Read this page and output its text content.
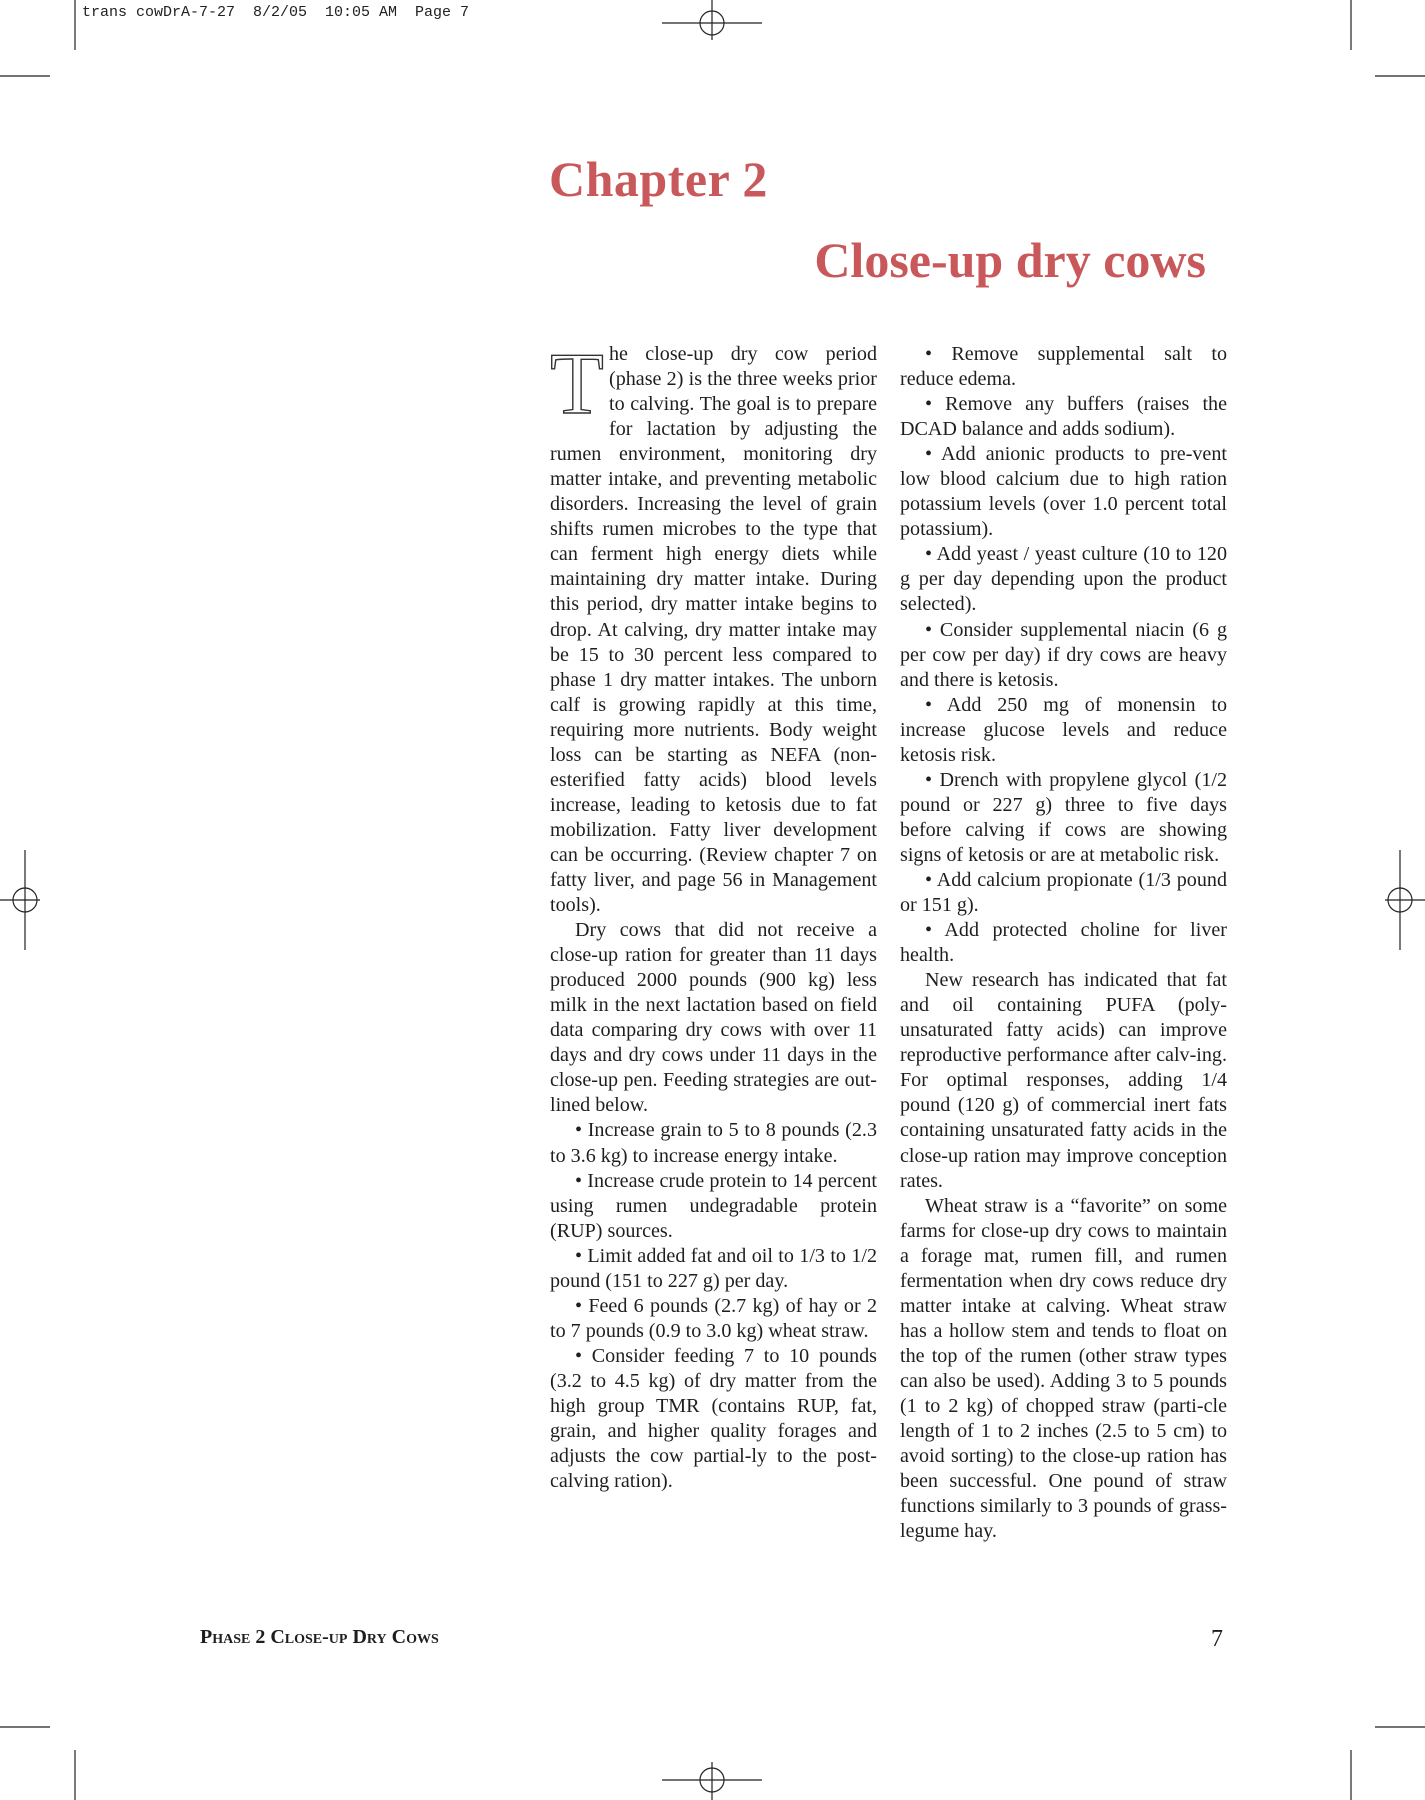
trans cowDrA-7-27  8/2/05  10:05 AM  Page 7
Chapter 2
Close-up dry cows

T he close-up dry cow period (phase 2) is the three weeks prior to calving. The goal is to prepare for lactation by adjusting the rumen environment, monitoring dry matter intake, and preventing metabolic disorders. Increasing the level of grain shifts rumen microbes to the type that can ferment high energy diets while maintaining dry matter intake. During this period, dry matter intake begins to drop. At calving, dry matter intake may be 15 to 30 percent less compared to phase 1 dry matter intakes. The unborn calf is growing rapidly at this time, requiring more nutrients. Body weight loss can be starting as NEFA (non-esterified fatty acids) blood levels increase, leading to ketosis due to fat mobilization. Fatty liver development can be occurring. (Review chapter 7 on fatty liver, and page 56 in Management tools).

Dry cows that did not receive a close-up ration for greater than 11 days produced 2000 pounds (900 kg) less milk in the next lactation based on field data comparing dry cows with over 11 days and dry cows under 11 days in the close-up pen. Feeding strategies are out-lined below.

• Increase grain to 5 to 8 pounds (2.3 to 3.6 kg) to increase energy intake.

• Increase crude protein to 14 percent using rumen undegradable protein (RUP) sources.

• Limit added fat and oil to 1/3 to 1/2 pound (151 to 227 g) per day.

• Feed 6 pounds (2.7 kg) of hay or 2 to 7 pounds (0.9 to 3.0 kg) wheat straw.

• Consider feeding 7 to 10 pounds (3.2 to 4.5 kg) of dry matter from the high group TMR (contains RUP, fat, grain, and higher quality forages and adjusts the cow partial-ly to the post-calving ration).

• Remove supplemental salt to reduce edema.

• Remove any buffers (raises the DCAD balance and adds sodium).

• Add anionic products to pre-vent low blood calcium due to high ration potassium levels (over 1.0 percent total potassium).

• Add yeast / yeast culture (10 to 120 g per day depending upon the product selected).

• Consider supplemental niacin (6 g per cow per day) if dry cows are heavy and there is ketosis.

• Add 250 mg of monensin to increase glucose levels and reduce ketosis risk.

• Drench with propylene glycol (1/2 pound or 227 g) three to five days before calving if cows are showing signs of ketosis or are at metabolic risk.

• Add calcium propionate (1/3 pound or 151 g).

• Add protected choline for liver health.

New research has indicated that fat and oil containing PUFA (poly-unsaturated fatty acids) can improve reproductive performance after calv-ing. For optimal responses, adding 1/4 pound (120 g) of commercial inert fats containing unsaturated fatty acids in the close-up ration may improve conception rates.

Wheat straw is a “favorite” on some farms for close-up dry cows to maintain a forage mat, rumen fill, and rumen fermentation when dry cows reduce dry matter intake at calving. Wheat straw has a hollow stem and tends to float on the top of the rumen (other straw types can also be used). Adding 3 to 5 pounds (1 to 2 kg) of chopped straw (parti-cle length of 1 to 2 inches (2.5 to 5 cm) to avoid sorting) to the close-up ration has been successful. One pound of straw functions similarly to 3 pounds of grass-legume hay.

Phase 2 Close-up Dry Cows	7
